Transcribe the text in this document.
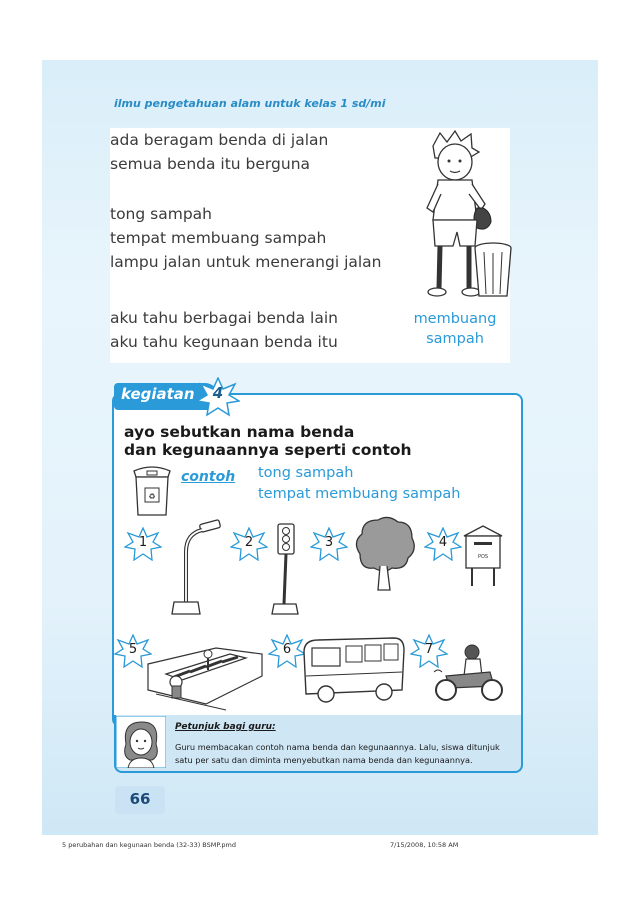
ilmu pengetahuan alam untuk kelas 1 sd/mi
ada beragam benda di jalan
semua benda itu berguna
tong sampah
tempat membuang sampah
lampu jalan untuk menerangi jalan
aku tahu berbagai benda lain
aku tahu kegunaan benda itu
membuang
sampah
kegiatan	4
ayo sebutkan nama benda
dan kegunaannya seperti contoh
♻
contoh tong sampah
tempat membuang sampah
1	2	3	4
5	6	7
POS
Petunjuk bagi guru:
Guru membacakan contoh nama benda dan kegunaannya. Lalu, siswa ditunjuk
satu per satu dan diminta menyebutkan nama benda dan kegunaannya.
66
5 perubahan dan kegunaan benda (32-33) BSMP.pmd	7/15/2008, 10:58 AM
